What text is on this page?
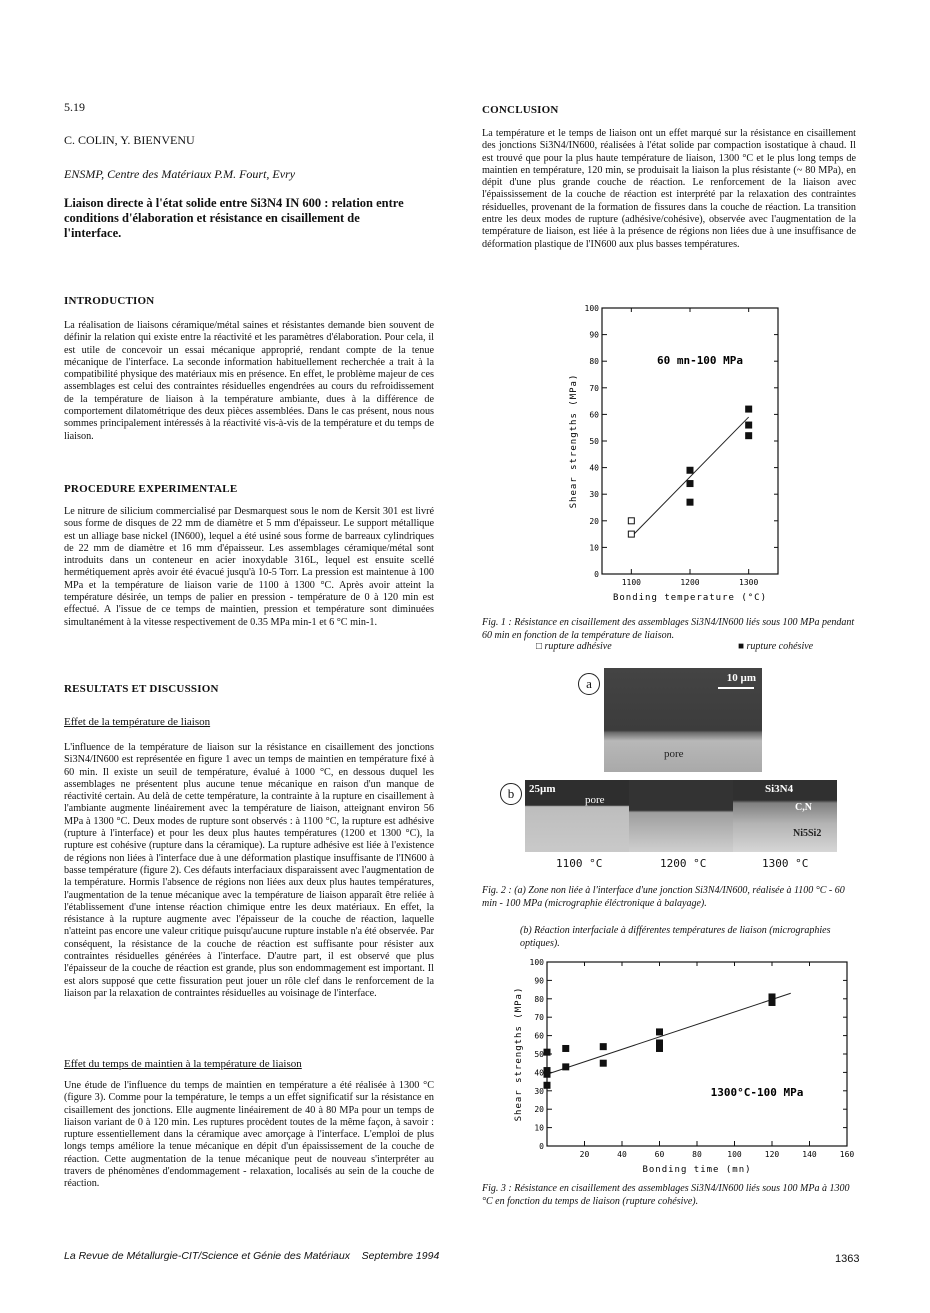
5.19
C. COLIN, Y. BIENVENU
ENSMP, Centre des Matériaux P.M. Fourt, Evry
Liaison directe à l'état solide entre Si3N4 IN 600 : relation entre conditions d'élaboration et résistance en cisaillement de l'interface.
INTRODUCTION

La réalisation de liaisons céramique/métal saines et résistantes demande bien souvent de définir la relation qui existe entre la réactivité et les paramètres d'élaboration. Pour cela, il est utile de concevoir un essai mécanique approprié, rendant compte de la tenue mécanique de l'interface. La seconde information habituellement recherchée a trait à la compatibilité physique des matériaux mis en présence. En effet, le problème majeur de ces assemblages est celui des contraintes résiduelles engendrées au cours du refroidissement de la température de liaison à la température ambiante, dues à la différence de comportement dilatométrique des deux pièces assemblées. Dans le cas présent, nous nous sommes principalement intéressés à la réactivité vis-à-vis de la température et du temps de liaison.

PROCEDURE EXPERIMENTALE

Le nitrure de silicium commercialisé par Desmarquest sous le nom de Kersit 301 est livré sous forme de disques de 22 mm de diamètre et 5 mm d'épaisseur. Le support métallique est un alliage base nickel (IN600), lequel a été usiné sous forme de barreaux cylindriques de 22 mm de diamètre et 16 mm d'épaisseur. Les assemblages céramique/métal sont introduits dans un conteneur en acier inoxydable 316L, lequel est ensuite scellé hermétiquement après avoir été évacué jusqu'à 10-5 Torr. La pression est maintenue à 100 MPa et la température de liaison varie de 1100 à 1300 °C. Après avoir atteint la température désirée, un temps de palier en pression - température de 0 à 120 min est effectué. A l'issue de ce temps de maintien, pression et température sont diminuées simultanément à la vitesse respectivement de 0.35 MPa min-1 et 6 °C min-1.

RESULTATS ET DISCUSSION
Effet de la température de liaison

L'influence de la température de liaison sur la résistance en cisaillement des jonctions Si3N4/IN600 est représentée en figure 1 avec un temps de maintien en température fixé à 60 min. Il existe un seuil de température, évalué à 1000 °C, en dessous duquel les assemblages ne présentent plus aucune tenue mécanique en raison d'un manque de réactivité certain. Au delà de cette température, la contrainte à la rupture en cisaillement à l'ambiante augmente linéairement avec la température de liaison, atteignant environ 56 MPa à 1300 °C. Deux modes de rupture sont observés : à 1100 °C, la rupture est adhésive (rupture à l'interface) et pour les deux plus hautes températures (1200 et 1300 °C), la rupture est cohésive (rupture dans la céramique). La rupture adhésive est liée à l'existence de régions non liées à l'interface due à une déformation plastique insuffisante de l'IN600 à basse température (figure 2). Ces défauts interfaciaux disparaissent avec l'augmentation de la température. Hormis l'absence de régions non liées aux deux plus hautes températures, l'augmentation de la tenue mécanique avec la température de liaison apparaît être reliée à l'établissement d'une intense réaction chimique entre les deux matériaux. En effet, la résistance à la rupture augmente avec l'épaisseur de la couche de réaction, laquelle n'atteint pas encore une valeur critique puisqu'aucune rupture instable n'a été observée. Par conséquent, la résistance de la couche de réaction est suffisante pour résister aux contraintes résiduelles générées à l'interface. D'autre part, il est observé que plus l'épaisseur de la couche de réaction est grande, plus son endommagement est important. Il est alors supposé que cette fissuration peut jouer un rôle clef dans le renforcement de la liaison par la relaxation de contraintes résiduelles au voisinage de l'interface.

Effet du temps de maintien à la température de liaison

Une étude de l'influence du temps de maintien en température a été réalisée à 1300 °C (figure 3). Comme pour la température, le temps a un effet significatif sur la résistance en cisaillement des jonctions. Elle augmente linéairement de 40 à 80 MPa pour un temps de liaison variant de 0 à 120 min. Les ruptures procèdent toutes de la même façon, à savoir : rupture essentiellement dans la céramique avec amorçage à l'interface. L'emploi de plus longs temps améliore la tenue mécanique en dépit d'un épaississement de la couche de réaction. Cette augmentation de la tenue mécanique peut de nouveau s'interpréter au travers de phénomènes d'endommagement - relaxation, localisés au sein de la couche de réaction.

CONCLUSION

La température et le temps de liaison ont un effet marqué sur la résistance en cisaillement des jonctions Si3N4/IN600, réalisées à l'état solide par compaction isostatique à chaud. Il est trouvé que pour la plus haute température de liaison, 1300 °C et le plus long temps de maintien en température, 120 min, se produisait la liaison la plus résistante (~ 80 MPa), en dépit d'une plus grande couche de réaction. Le renforcement de la liaison avec l'épaississement de la couche de réaction est interprété par la relaxation des contraintes résiduelles, provenant de la formation de fissures dans la couche de réaction. La transition entre les deux modes de rupture (adhésive/cohésive), observée avec l'augmentation de la température de liaison, est liée à la présence de régions non liées due à une insuffisance de déformation plastique de l'IN600 aux plus basses températures.

0
10
20
30
40
50
60
70
80
90
100
1100	1200	1300
Bonding temperature (°C)
Shear strengths (MPa)
60 mn-100 MPa
Fig. 1 : Résistance en cisaillement des assemblages Si3N4/IN600 liés sous 100 MPa pendant 60 min en fonction de la température de liaison.
□ rupture adhésive	■ rupture cohésive
a	10 µm
pore
b	25µm
pore
Si3N4
C,N
Ni5Si2
1100 °C	1200 °C	1300 °C
Fig. 2 : (a) Zone non liée à l'interface d'une jonction Si3N4/IN600, réalisée à 1100 °C - 60 min - 100 MPa (micrographie éléctronique à balayage).
(b) Réaction interfaciale à différentes températures de liaison (micrographies optiques).
0
10
20
30
40
50
60
70
80
90
100
20	40	60	80	100	120	140	160
Bonding time (mn)
Shear strengths (MPa)	1300°C-100 MPa
Fig. 3 : Résistance en cisaillement des assemblages Si3N4/IN600 liés sous 100 MPa à 1300 °C en fonction du temps de liaison (rupture cohésive).
La Revue de Métallurgie-CIT/Science et Génie des Matériaux    Septembre 1994	1363
